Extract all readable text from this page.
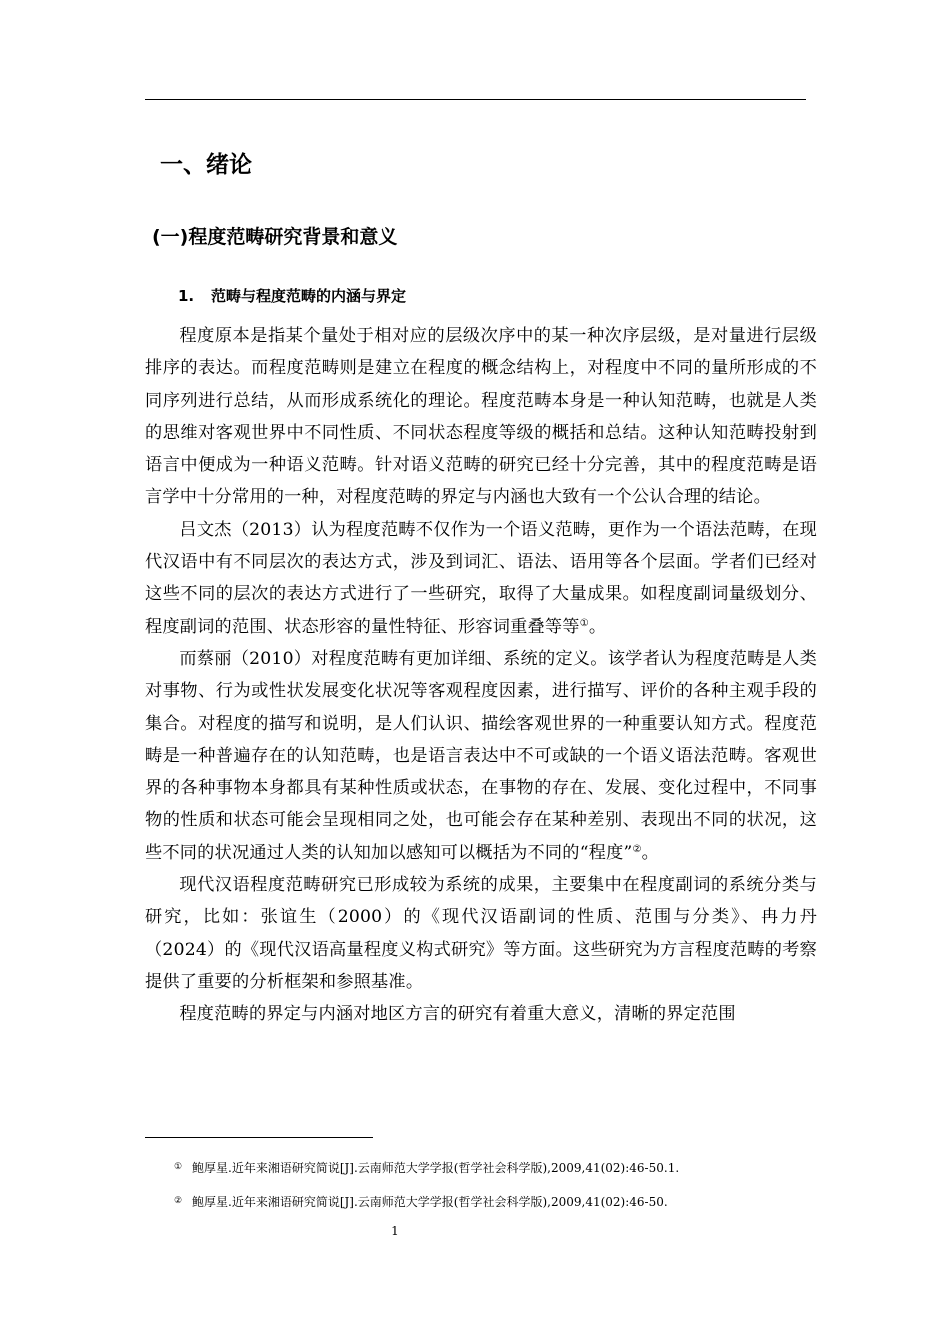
一、绪论
(一)程度范畴研究背景和意义
1. 范畴与程度范畴的内涵与界定

程度原本是指某个量处于相对应的层级次序中的某一种次序层级，是对量进行层级排序的表达。而程度范畴则是建立在程度的概念结构上，对程度中不同的量所形成的不同序列进行总结，从而形成系统化的理论。程度范畴本身是一种认知范畴，也就是人类的思维对客观世界中不同性质、不同状态程度等级的概括和总结。这种认知范畴投射到语言中便成为一种语义范畴。针对语义范畴的研究已经十分完善，其中的程度范畴是语言学中十分常用的一种，对程度范畴的界定与内涵也大致有一个公认合理的结论。

吕文杰（2013）认为程度范畴不仅作为一个语义范畴，更作为一个语法范畴，在现代汉语中有不同层次的表达方式，涉及到词汇、语法、语用等各个层面。学者们已经对这些不同的层次的表达方式进行了一些研究，取得了大量成果。如程度副词量级划分、程度副词的范围、状态形容的量性特征、形容词重叠等等①。

而蔡丽（2010）对程度范畴有更加详细、系统的定义。该学者认为程度范畴是人类对事物、行为或性状发展变化状况等客观程度因素，进行描写、评价的各种主观手段的集合。对程度的描写和说明，是人们认识、描绘客观世界的一种重要认知方式。程度范畴是一种普遍存在的认知范畴，也是语言表达中不可或缺的一个语义语法范畴。客观世界的各种事物本身都具有某种性质或状态，在事物的存在、发展、变化过程中，不同事物的性质和状态可能会呈现相同之处，也可能会存在某种差别、表现出不同的状况，这些不同的状况通过人类的认知加以感知可以概括为不同的“程度”②。

现代汉语程度范畴研究已形成较为系统的成果，主要集中在程度副词的系统分类与研究，比如：张谊生（2000）的《现代汉语副词的性质、范围与分类》、冉力丹（2024）的《现代汉语高量程度义构式研究》等方面。这些研究为方言程度范畴的考察提供了重要的分析框架和参照基准。

程度范畴的界定与内涵对地区方言的研究有着重大意义，清晰的界定范围

① 鲍厚星.近年来湘语研究简说[J].云南师范大学学报(哲学社会科学版),2009,41(02):46-50.1.
② 鲍厚星.近年来湘语研究简说[J].云南师范大学学报(哲学社会科学版),2009,41(02):46-50.
1
